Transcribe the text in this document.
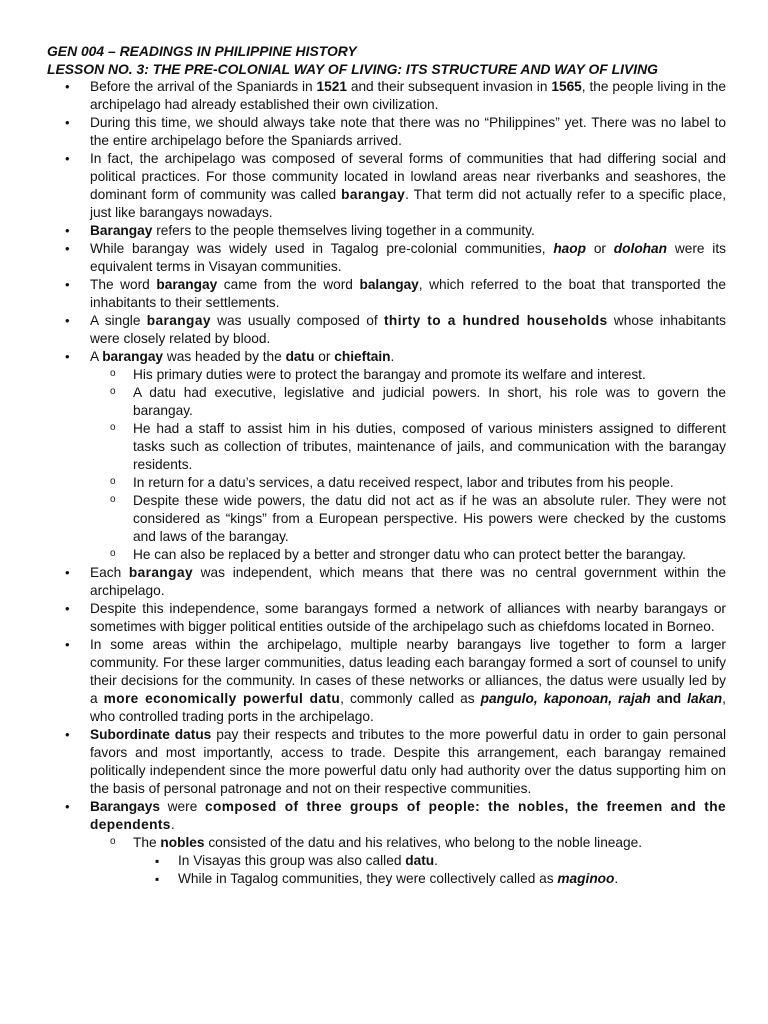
GEN 004 – READINGS IN PHILIPPINE HISTORY
LESSON NO. 3: THE PRE-COLONIAL WAY OF LIVING: ITS STRUCTURE AND WAY OF LIVING
• Before the arrival of the Spaniards in 1521 and their subsequent invasion in 1565, the people living in the archipelago had already established their own civilization.
• During this time, we should always take note that there was no “Philippines” yet. There was no label to the entire archipelago before the Spaniards arrived.
• In fact, the archipelago was composed of several forms of communities that had differing social and political practices. For those community located in lowland areas near riverbanks and seashores, the dominant form of community was called barangay. That term did not actually refer to a specific place, just like barangays nowadays.
• Barangay refers to the people themselves living together in a community.
• While barangay was widely used in Tagalog pre-colonial communities, haop or dolohan were its equivalent terms in Visayan communities.
• The word barangay came from the word balangay, which referred to the boat that transported the inhabitants to their settlements.
• A single barangay was usually composed of thirty to a hundred households whose inhabitants were closely related by blood.
• A barangay was headed by the datu or chieftain.
o His primary duties were to protect the barangay and promote its welfare and interest.
o A datu had executive, legislative and judicial powers. In short, his role was to govern the barangay.
o He had a staff to assist him in his duties, composed of various ministers assigned to different tasks such as collection of tributes, maintenance of jails, and communication with the barangay residents.
o In return for a datu’s services, a datu received respect, labor and tributes from his people.
o Despite these wide powers, the datu did not act as if he was an absolute ruler. They were not considered as “kings” from a European perspective. His powers were checked by the customs and laws of the barangay.
o He can also be replaced by a better and stronger datu who can protect better the barangay.
• Each barangay was independent, which means that there was no central government within the archipelago.
• Despite this independence, some barangays formed a network of alliances with nearby barangays or sometimes with bigger political entities outside of the archipelago such as chiefdoms located in Borneo.
• In some areas within the archipelago, multiple nearby barangays live together to form a larger community. For these larger communities, datus leading each barangay formed a sort of counsel to unify their decisions for the community. In cases of these networks or alliances, the datus were usually led by a more economically powerful datu, commonly called as pangulo, kaponoan, rajah and lakan, who controlled trading ports in the archipelago.
• Subordinate datus pay their respects and tributes to the more powerful datu in order to gain personal favors and most importantly, access to trade. Despite this arrangement, each barangay remained politically independent since the more powerful datu only had authority over the datus supporting him on the basis of personal patronage and not on their respective communities.
• Barangays were composed of three groups of people: the nobles, the freemen and the dependents.
o The nobles consisted of the datu and his relatives, who belong to the noble lineage.
▪ In Visayas this group was also called datu.
▪ While in Tagalog communities, they were collectively called as maginoo.
